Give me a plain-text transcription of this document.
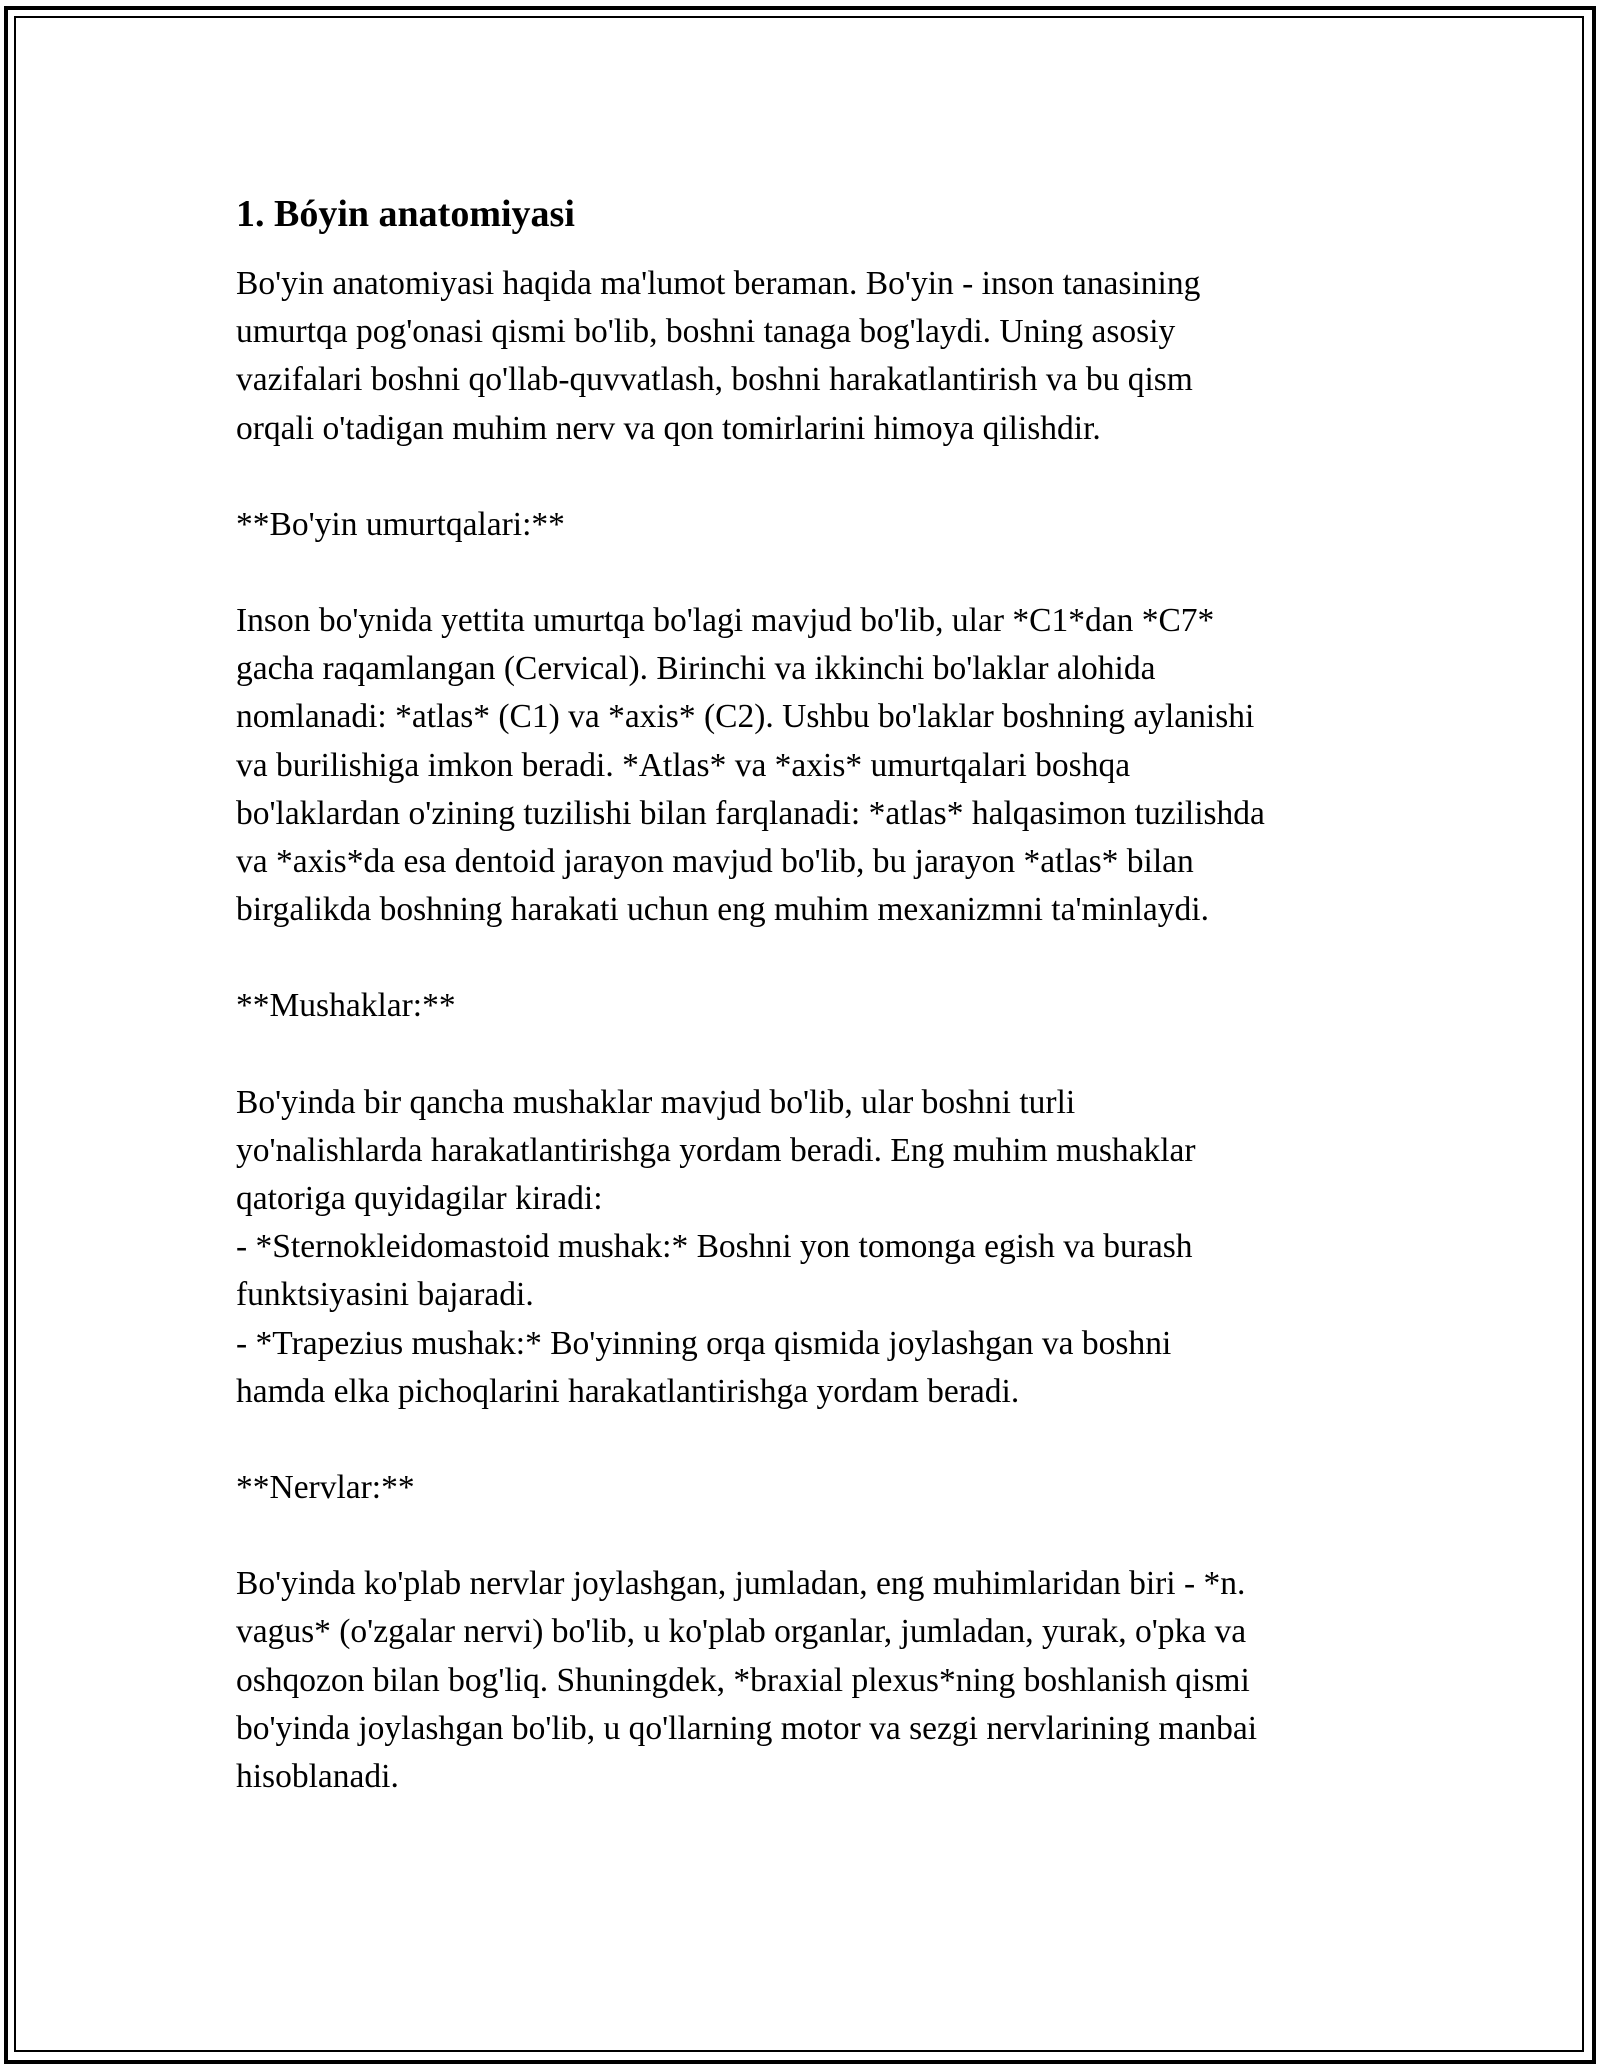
1. Bóyin anatomiyasi

Bo'yin anatomiyasi haqida ma'lumot beraman. Bo'yin - inson tanasining
umurtqa pog'onasi qismi bo'lib, boshni tanaga bog'laydi. Uning asosiy
vazifalari boshni qo'llab-quvvatlash, boshni harakatlantirish va bu qism
orqali o'tadigan muhim nerv va qon tomirlarini himoya qilishdir.

**Bo'yin umurtqalari:**

Inson bo'ynida yettita umurtqa bo'lagi mavjud bo'lib, ular *C1*dan *C7*
gacha raqamlangan (Cervical). Birinchi va ikkinchi bo'laklar alohida
nomlanadi: *atlas* (C1) va *axis* (C2). Ushbu bo'laklar boshning aylanishi
va burilishiga imkon beradi. *Atlas* va *axis* umurtqalari boshqa
bo'laklardan o'zining tuzilishi bilan farqlanadi: *atlas* halqasimon tuzilishda
va *axis*da esa dentoid jarayon mavjud bo'lib, bu jarayon *atlas* bilan
birgalikda boshning harakati uchun eng muhim mexanizmni ta'minlaydi.

**Mushaklar:**

Bo'yinda bir qancha mushaklar mavjud bo'lib, ular boshni turli
yo'nalishlarda harakatlantirishga yordam beradi. Eng muhim mushaklar
qatoriga quyidagilar kiradi:
- *Sternokleidomastoid mushak:* Boshni yon tomonga egish va burash
funktsiyasini bajaradi.
- *Trapezius mushak:* Bo'yinning orqa qismida joylashgan va boshni
hamda elka pichoqlarini harakatlantirishga yordam beradi.

**Nervlar:**

Bo'yinda ko'plab nervlar joylashgan, jumladan, eng muhimlaridan biri - *n.
vagus* (o'zgalar nervi) bo'lib, u ko'plab organlar, jumladan, yurak, o'pka va
oshqozon bilan bog'liq. Shuningdek, *braxial plexus*ning boshlanish qismi
bo'yinda joylashgan bo'lib, u qo'llarning motor va sezgi nervlarining manbai
hisoblanadi.
